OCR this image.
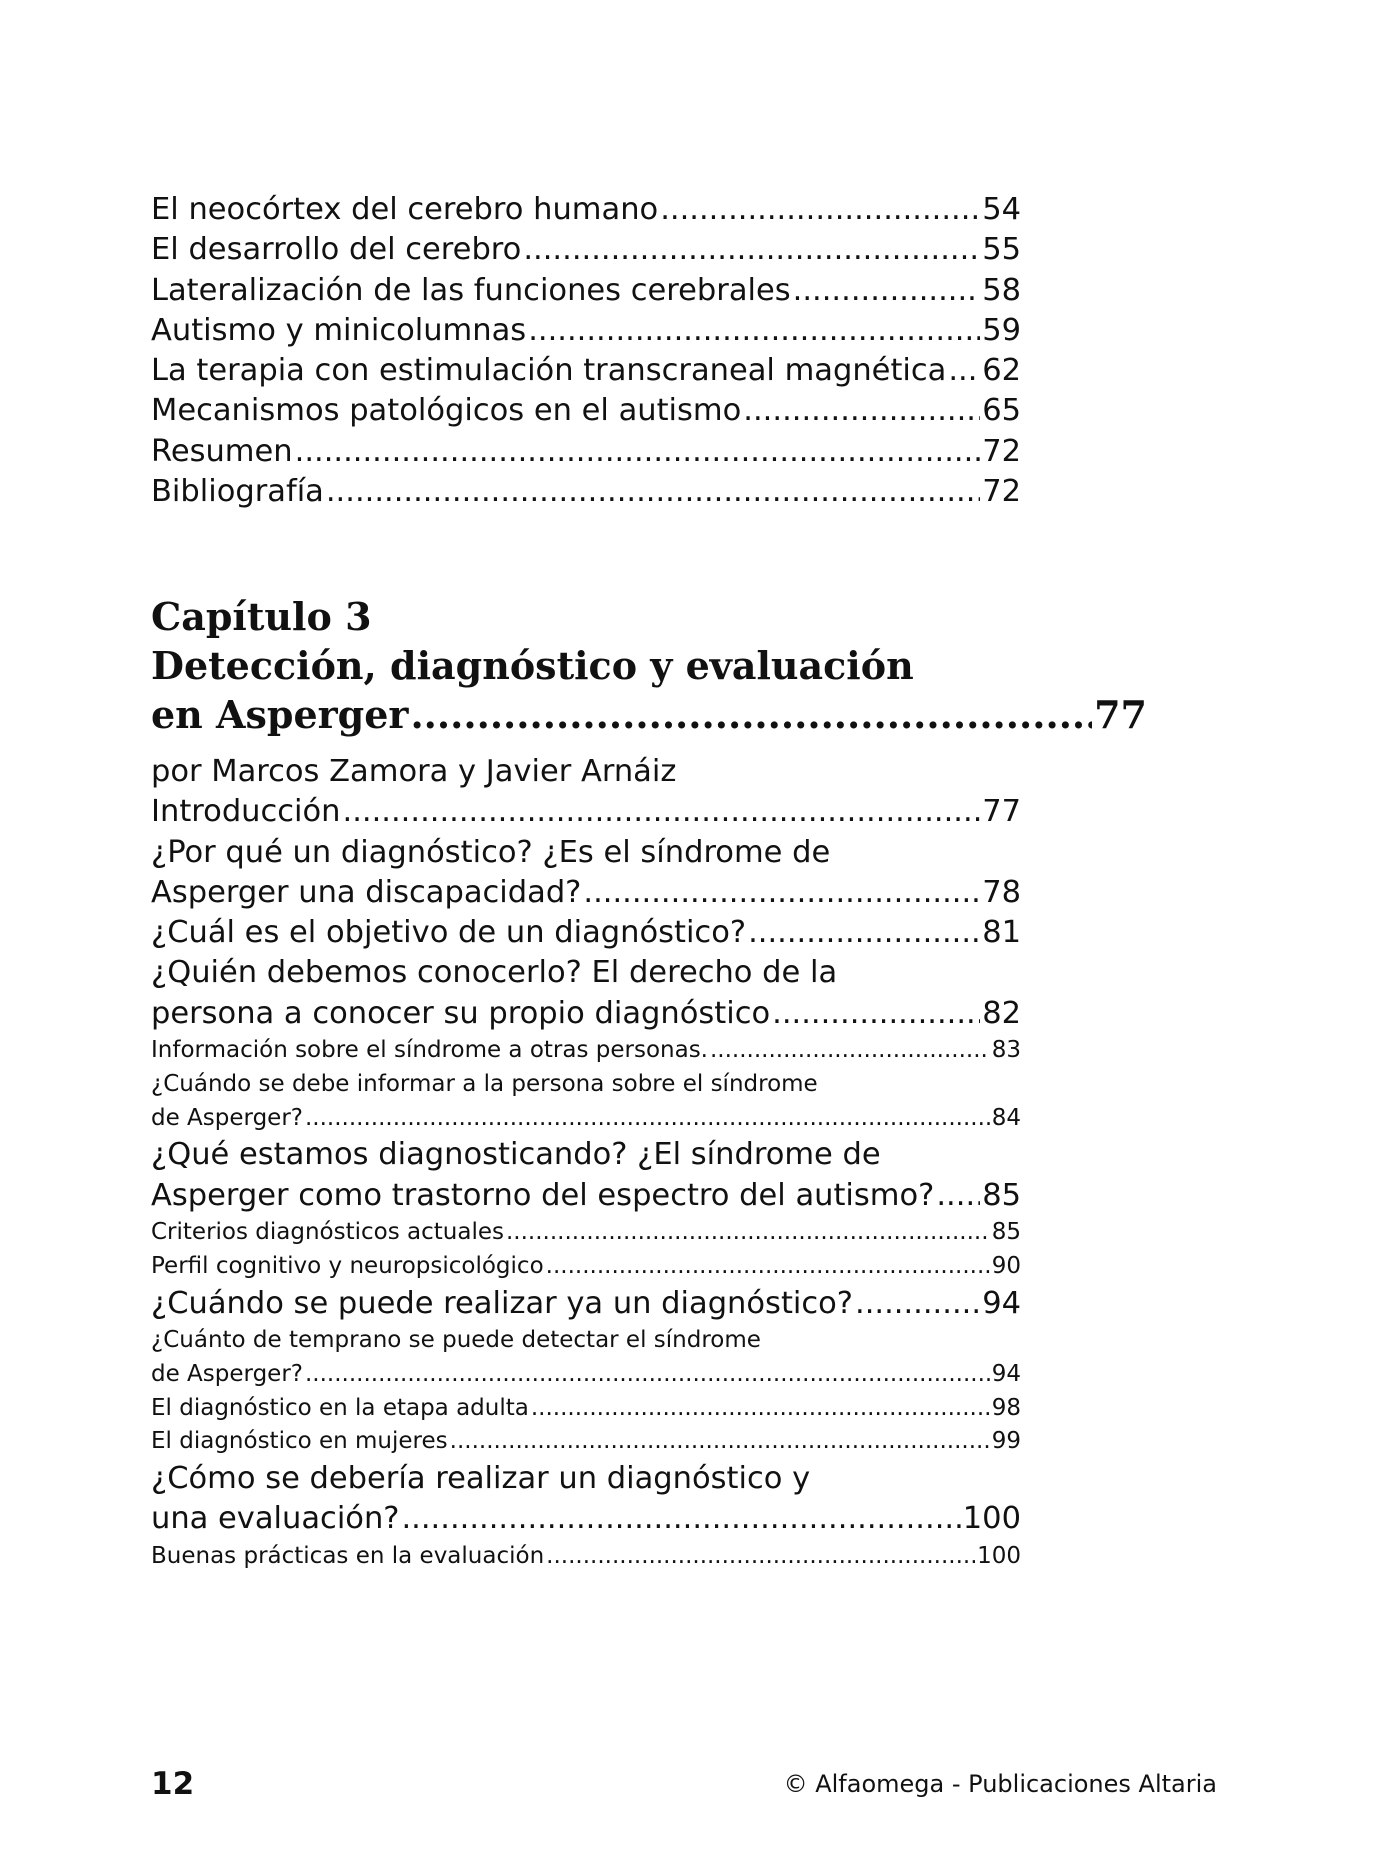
El neocórtex del cerebro humano .....	54
El desarrollo del cerebro .....	55
Lateralización de las funciones cerebrales .....	58
Autismo y minicolumnas .....	59
La terapia con estimulación transcraneal magnética ..... 62
Mecanismos patológicos en el autismo .....	65
Resumen .....	72
Bibliografía .....	72
Capítulo 3
Detección, diagnóstico y evaluación
en Asperger .....	77
por Marcos Zamora y Javier Arnáiz
Introducción .....	77
¿Por qué un diagnóstico? ¿Es el síndrome de
Asperger una discapacidad? .....	78
¿Cuál es el objetivo de un diagnóstico? .....	81
¿Quién debemos conocerlo? El derecho de la
persona a conocer su propio diagnóstico .....	82
Información sobre el síndrome a otras personas. .....	83
¿Cuándo se debe informar a la persona sobre el síndrome
de Asperger? .....	84
¿Qué estamos diagnosticando? ¿El síndrome de
Asperger como trastorno del espectro del autismo? ..... 85
Criterios diagnósticos actuales .....	85
Perfil cognitivo y neuropsicológico .....	90
¿Cuándo se puede realizar ya un diagnóstico? .....	94
¿Cuánto de temprano se puede detectar el síndrome
de Asperger? .....	94
El diagnóstico en la etapa adulta .....	98
El diagnóstico en mujeres .....	99
¿Cómo se debería realizar un diagnóstico y
una evaluación? .....	100
Buenas prácticas en la evaluación .....	100
12	© Alfaomega - Publicaciones Altaria
